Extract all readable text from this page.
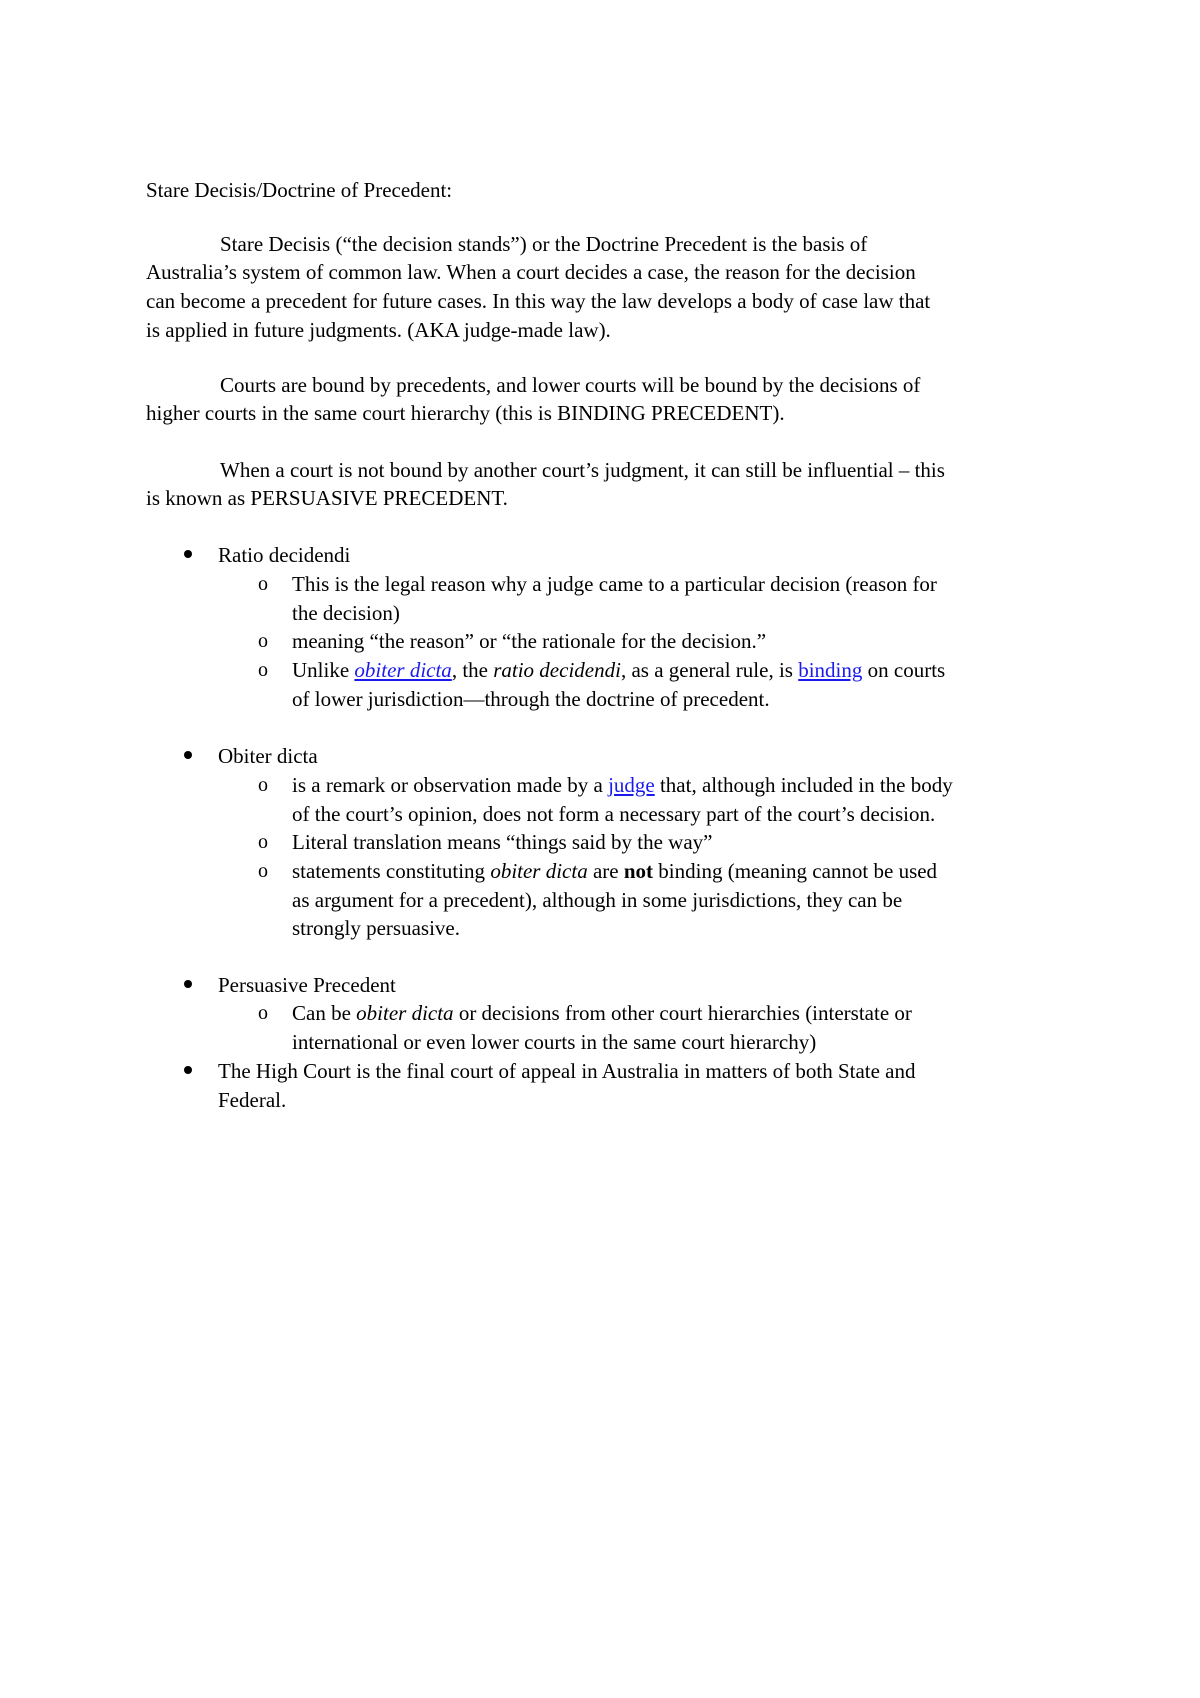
Stare Decisis/Doctrine of Precedent:
Stare Decisis (“the decision stands”) or the Doctrine Precedent is the basis of
Australia’s system of common law. When a court decides a case, the reason for the decision
can become a precedent for future cases. In this way the law develops a body of case law that
is applied in future judgments. (AKA judge-made law).
Courts are bound by precedents, and lower courts will be bound by the decisions of
higher courts in the same court hierarchy (this is BINDING PRECEDENT).
When a court is not bound by another court’s judgment, it can still be influential – this
is known as PERSUASIVE PRECEDENT.
Ratio decidendi
o This is the legal reason why a judge came to a particular decision (reason for
the decision)
o meaning “the reason” or “the rationale for the decision.”
o Unlike obiter dicta, the ratio decidendi, as a general rule, is binding on courts
of lower jurisdiction—through the doctrine of precedent.
Obiter dicta
o is a remark or observation made by a judge that, although included in the body
of the court’s opinion, does not form a necessary part of the court’s decision.
o Literal translation means “things said by the way”
o statements constituting obiter dicta are not binding (meaning cannot be used
as argument for a precedent), although in some jurisdictions, they can be
strongly persuasive.
Persuasive Precedent
o Can be obiter dicta or decisions from other court hierarchies (interstate or
international or even lower courts in the same court hierarchy)
The High Court is the final court of appeal in Australia in matters of both State and
Federal.
